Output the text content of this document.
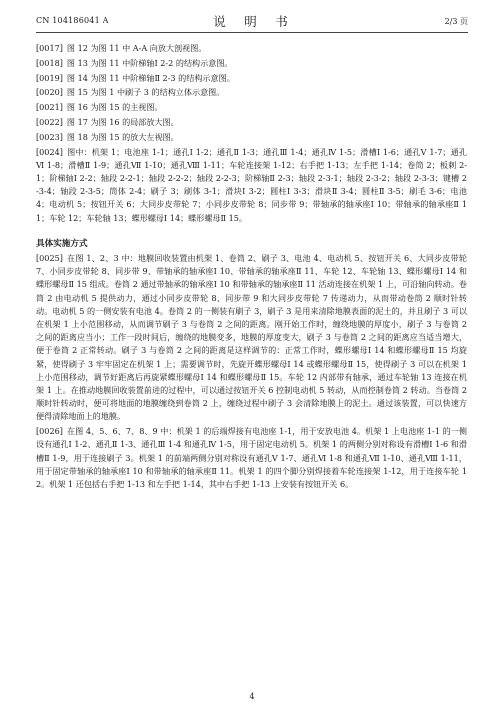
CN 104186041 A	说　明　书	2/3 页

[0017] 图 12 为图 11 中 A-A 向放大剖视图。

[0018] 图 13 为图 11 中阶梯轴Ⅰ 2-2 的结构示意图。

[0019] 图 14 为图 11 中阶梯轴Ⅱ 2-3 的结构示意图。

[0020] 图 15 为图 1 中刷子 3 的结构立体示意图。

[0021] 图 16 为图 15 的主视图。

[0022] 图 17 为图 16 的局部放大图。

[0023] 图 18 为图 15 的放大左视图。

[0024] 图中：机架 1；电池座 1-1；通孔Ⅰ 1-2；通孔Ⅱ 1-3；通孔Ⅲ 1-4；通孔Ⅳ 1-5；滑槽Ⅰ 1-6；通孔Ⅴ 1-7；通孔Ⅵ 1-8；滑槽Ⅱ 1-9；通孔Ⅶ 1-10；通孔Ⅷ 1-11；车轮连接架 1-12；右手把 1-13；左手把 1-14；卷筒 2；板刺 2-1；阶梯轴Ⅰ 2-2；轴段 2-2-1；轴段 2-2-2；轴段 2-2-3；阶梯轴Ⅱ 2-3；轴段 2-3-1；轴段 2-3-2；轴段 2-3-3；键槽 2-3-4；轴段 2-3-5；筒体 2-4；刷子 3；刷体 3-1；滑块Ⅰ 3-2；圆柱Ⅰ 3-3；滑块Ⅱ 3-4；圆柱Ⅱ 3-5；刷毛 3-6；电池 4；电动机 5；按钮开关 6；大同步皮带轮 7；小同步皮带轮 8；同步带 9；带轴承的轴承座Ⅰ 10；带轴承的轴承座Ⅱ 11；车轮 12；车轮轴 13；蝶形螺母Ⅰ 14；蝶形螺母Ⅱ 15。

具体实施方式

[0025] 在图 1、2、3 中：地膜回收装置由机架 1、卷筒 2、刷子 3、电池 4、电动机 5、按钮开关 6、大同步皮带轮 7、小同步皮带轮 8、同步带 9、带轴承的轴承座Ⅰ 10、带轴承的轴承座Ⅱ 11、车轮 12、车轮轴 13、蝶形螺母Ⅰ 14 和蝶形螺母Ⅱ 15 组成。卷筒 2 通过带轴承的轴承座Ⅰ 10 和带轴承的轴承座Ⅱ 11 活动连接在机架 1 上，可沿轴向转动。卷筒 2 由电动机 5 提供动力，通过小同步皮带轮 8、同步带 9 和大同步皮带轮 7 传递动力，从而带动卷筒 2 顺时针转动。电动机 5 的一侧安装有电池 4。卷筒 2 的一侧装有刷子 3，刷子 3 是用来清除地膜表面的泥土的，并且刷子 3 可以在机架 1 上小范围移动，从而调节刷子 3 与卷筒 2 之间的距离。刚开始工作时，缠绕地膜的厚度小，刷子 3 与卷筒 2 之间的距离应当小；工作一段时间后，缠绕的地膜变多，地膜的厚度变大，刷子 3 与卷筒 2 之间的距离应当适当增大，便于卷筒 2 正常转动。刷子 3 与卷筒 2 之间的距离是这样调节的：正常工作时，蝶形螺母Ⅰ 14 和蝶形螺母Ⅱ 15 均旋紧，使得刷子 3 牢牢固定在机架 1 上；需要调节时，先旋开蝶形螺母Ⅰ 14 或蝶形螺母Ⅱ 15，使得刷子 3 可以在机架 1 上小范围移动，调节好距离后再旋紧蝶形螺母Ⅰ 14 和蝶形螺母Ⅱ 15。车轮 12 内部带有轴承，通过车轮轴 13 连接在机架 1 上。在推动地膜回收装置前进的过程中，可以通过按钮开关 6 控制电动机 5 转动，从而控制卷筒 2 转动。当卷筒 2 顺时针转动时，便可将地面的地膜缠绕到卷筒 2 上，缠绕过程中刷子 3 会清除地膜上的泥土。通过该装置，可以快速方便得清除地面上的地膜。

[0026] 在图 4、5、6、7、8、9 中：机架 1 的后端焊接有电池座 1-1，用于安放电池 4。机架 1 上电池座 1-1 的一侧设有通孔Ⅰ 1-2、通孔Ⅱ 1-3、通孔Ⅲ 1-4 和通孔Ⅳ 1-5，用于固定电动机 5。机架 1 的两侧分别对称设有滑槽Ⅰ 1-6 和滑槽Ⅱ 1-9，用于连接刷子 3。机架 1 的前端两侧分别对称设有通孔Ⅴ 1-7、通孔Ⅵ 1-8 和通孔Ⅶ 1-10、通孔Ⅷ 1-11，用于固定带轴承的轴承座Ⅰ 10 和带轴承的轴承座Ⅱ 11。机架 1 的四个脚分别焊接着车轮连接架 1-12，用于连接车轮 12。机架 1 还包括右手把 1-13 和左手把 1-14，其中右手把 1-13 上安装有按钮开关 6。

4
